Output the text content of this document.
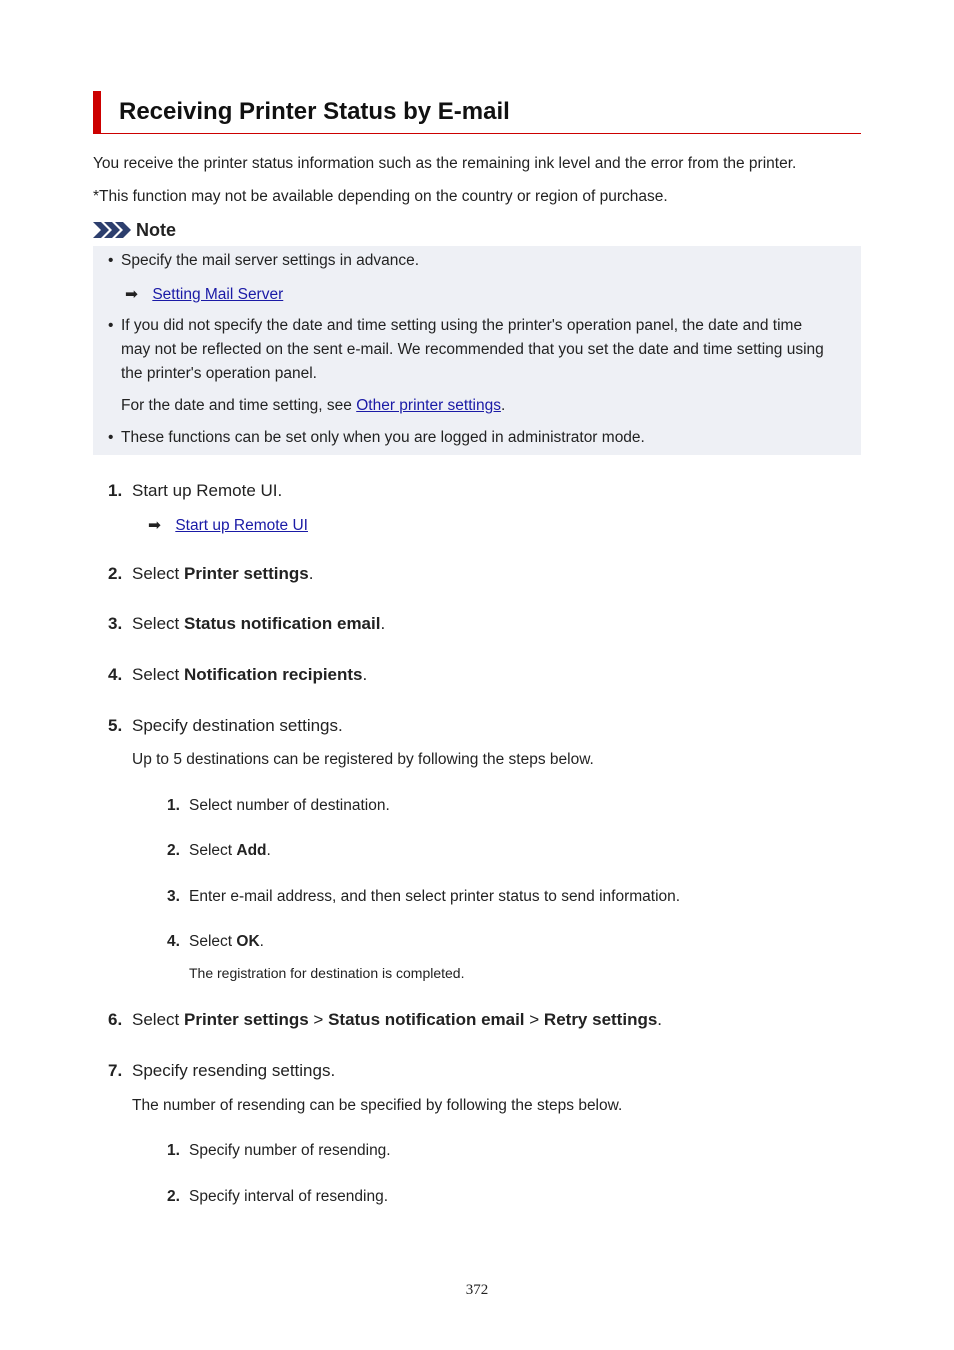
Receiving Printer Status by E-mail
You receive the printer status information such as the remaining ink level and the error from the printer.
*This function may not be available depending on the country or region of purchase.
Note
• Specify the mail server settings in advance.
➡ Setting Mail Server
• If you did not specify the date and time setting using the printer's operation panel, the date and time
may not be reflected on the sent e-mail. We recommended that you set the date and time setting using
the printer's operation panel.
For the date and time setting, see Other printer settings.
• These functions can be set only when you are logged in administrator mode.
1. Start up Remote UI.
➡ Start up Remote UI
2. Select Printer settings.
3. Select Status notification email.
4. Select Notification recipients.
5. Specify destination settings.
Up to 5 destinations can be registered by following the steps below.
1. Select number of destination.
2. Select Add.
3. Enter e-mail address, and then select printer status to send information.
4. Select OK.
The registration for destination is completed.
6. Select Printer settings > Status notification email > Retry settings.
7. Specify resending settings.
The number of resending can be specified by following the steps below.
1. Specify number of resending.
2. Specify interval of resending.
372
